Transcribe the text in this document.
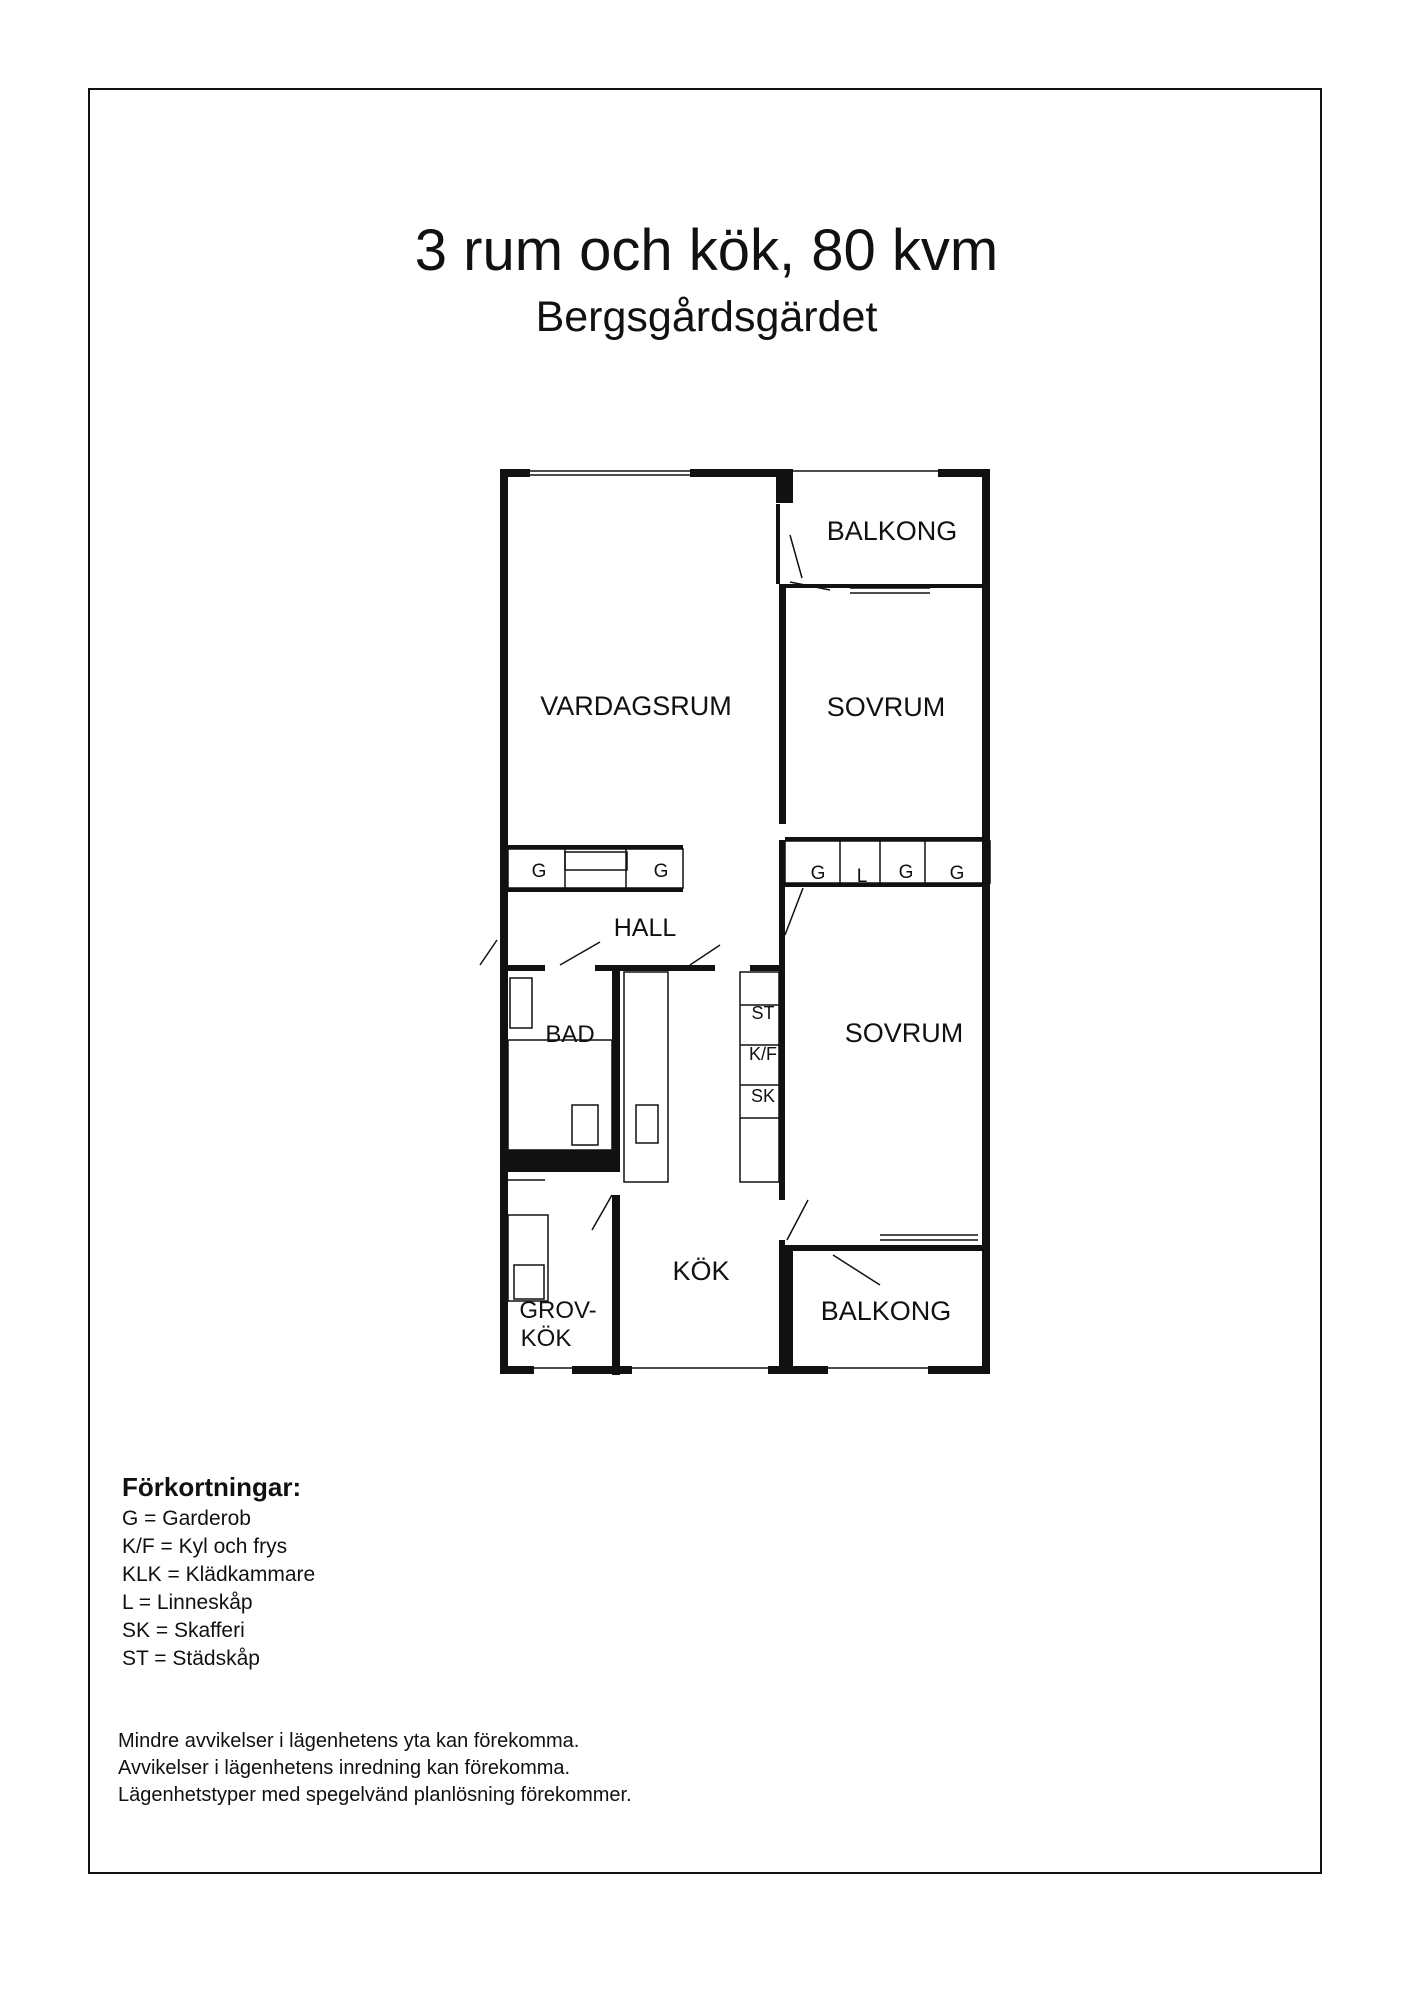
3 rum och kök, 80 kvm
Bergsgårdsgärdet
BALKONG
VARDAGSRUM	SOVRUM
HALL
BAD	SOVRUM
KÖK
GROV-
KÖK
BALKONG
G	G	G L G G
ST
K/F
SK
Förkortningar:
G = Garderob
K/F = Kyl och frys
KLK = Klädkammare
L = Linneskåp
SK = Skafferi
ST = Städskåp
Mindre avvikelser i lägenhetens yta kan förekomma.
Avvikelser i lägenhetens inredning kan förekomma.
Lägenhetstyper med spegelvänd planlösning förekommer.
